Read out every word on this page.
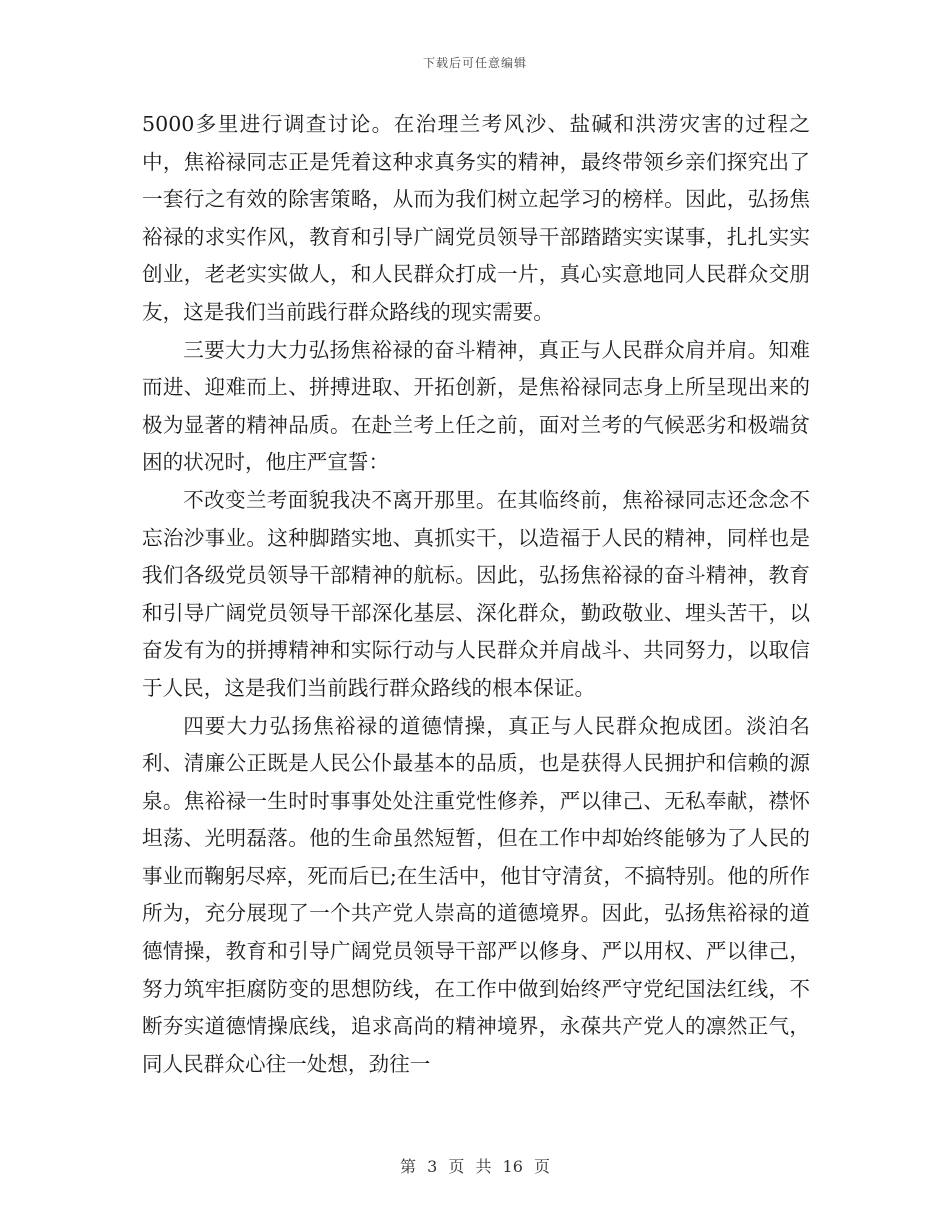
下载后可任意编辑

5000多里进行调查讨论。在治理兰考风沙、盐碱和洪涝灾害的过程之中，焦裕禄同志正是凭着这种求真务实的精神，最终带领乡亲们探究出了一套行之有效的除害策略，从而为我们树立起学习的榜样。因此，弘扬焦裕禄的求实作风，教育和引导广阔党员领导干部踏踏实实谋事，扎扎实实创业，老老实实做人，和人民群众打成一片，真心实意地同人民群众交朋友，这是我们当前践行群众路线的现实需要。

三要大力大力弘扬焦裕禄的奋斗精神，真正与人民群众肩并肩。知难而进、迎难而上、拼搏进取、开拓创新，是焦裕禄同志身上所呈现出来的极为显著的精神品质。在赴兰考上任之前，面对兰考的气候恶劣和极端贫困的状况时，他庄严宣誓：

不改变兰考面貌我决不离开那里。在其临终前，焦裕禄同志还念念不忘治沙事业。这种脚踏实地、真抓实干，以造福于人民的精神，同样也是我们各级党员领导干部精神的航标。因此，弘扬焦裕禄的奋斗精神，教育和引导广阔党员领导干部深化基层、深化群众，勤政敬业、埋头苦干，以奋发有为的拼搏精神和实际行动与人民群众并肩战斗、共同努力，以取信于人民，这是我们当前践行群众路线的根本保证。

四要大力弘扬焦裕禄的道德情操，真正与人民群众抱成团。淡泊名利、清廉公正既是人民公仆最基本的品质，也是获得人民拥护和信赖的源泉。焦裕禄一生时时事事处处注重党性修养，严以律己、无私奉献，襟怀坦荡、光明磊落。他的生命虽然短暂，但在工作中却始终能够为了人民的事业而鞠躬尽瘁，死而后已;在生活中，他甘守清贫，不搞特别。他的所作所为，充分展现了一个共产党人崇高的道德境界。因此，弘扬焦裕禄的道德情操，教育和引导广阔党员领导干部严以修身、严以用权、严以律己，努力筑牢拒腐防变的思想防线，在工作中做到始终严守党纪国法红线，不断夯实道德情操底线，追求高尚的精神境界，永葆共产党人的凛然正气，同人民群众心往一处想，劲往一

第 3 页 共 16 页
